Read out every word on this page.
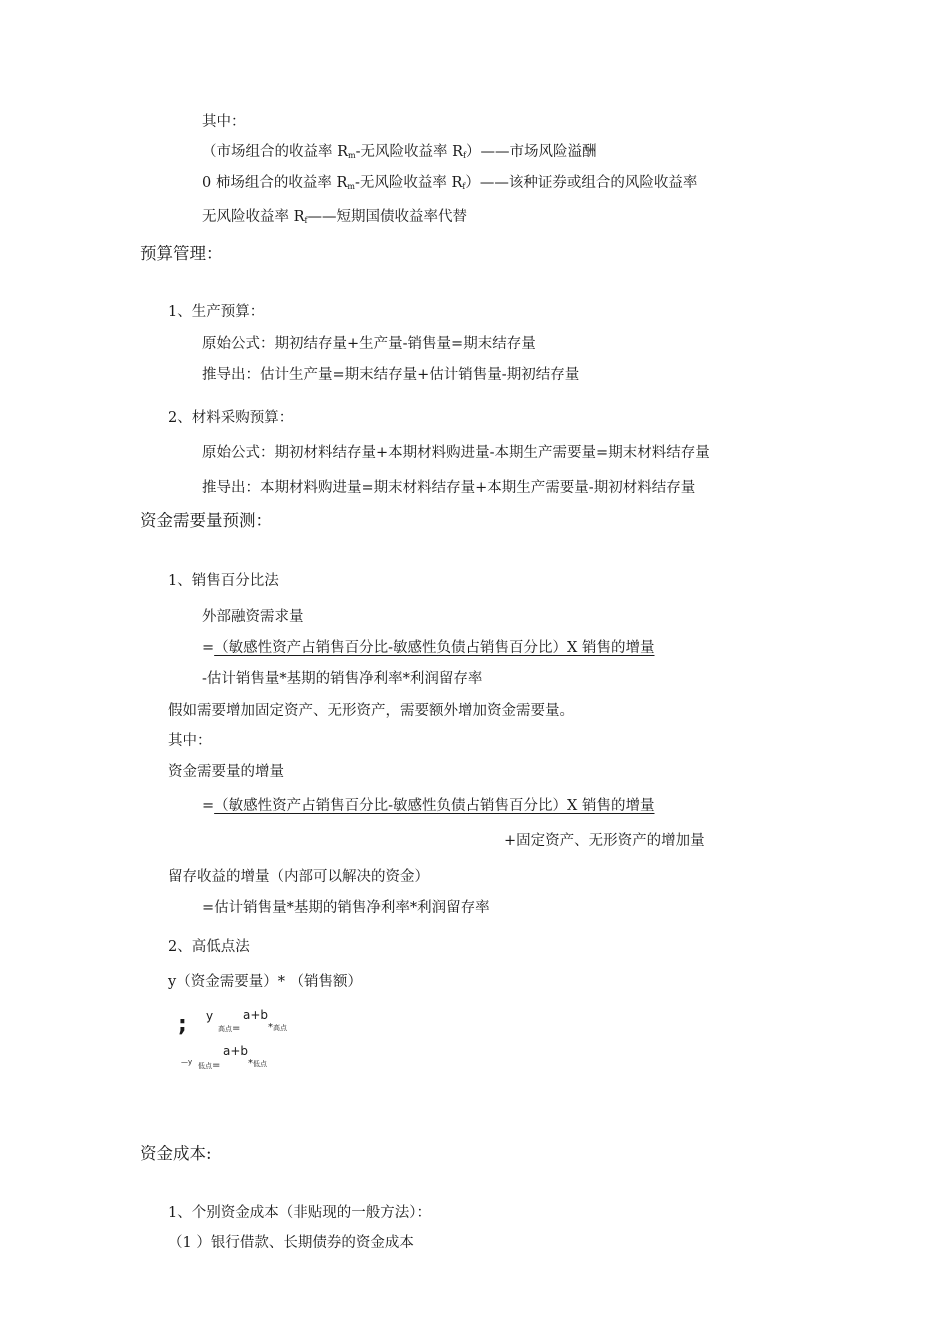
其中：
（市场组合的收益率 $R_m-$无风险收益率 $R_f)——$市场风险溢酬
0 柿场组合的收益率 $R_m-$无风险收益率 $R_f)——$该种证券或组合的风险收益率
无风险收益率 $R_f——$短期国债收益率代替
预算管理：
1、生产预算：
原始公式：期初结存量+生产量-销售量=期末结存量
推导出：估计生产量=期末结存量+估计销售量-期初结存量
2、材料采购预算：
原始公式：期初材料结存量+本期材料购进量-本期生产需要量=期末材料结存量
推导出：本期材料购进量=期末材料结存量+本期生产需要量-期初材料结存量
资金需要量预测：
1、销售百分比法
外部融资需求量
=（敏感性资产占销售百分比-敏感性负债占销售百分比）X 销售的增量
-估计销售量*基期的销售净利率*利润留存率
假如需要增加固定资产、无形资产，需要额外增加资金需要量。
其中：
资金需要量的增量
=（敏感性资产占销售百分比-敏感性负债占销售百分比）X 销售的增量
+固定资产、无形资产的增加量
留存收益的增量（内部可以解决的资金）
=估计销售量*基期的销售净利率*利润留存率
2、高低点法
y（资金需要量）* （销售额）
; y
高点=
a+b
*高点
—y 低点=
a+b
*低点
资金成本:
1、个别资金成本（非贴现的一般方法）：
（1 ）银行借款、长期债券的资金成本
